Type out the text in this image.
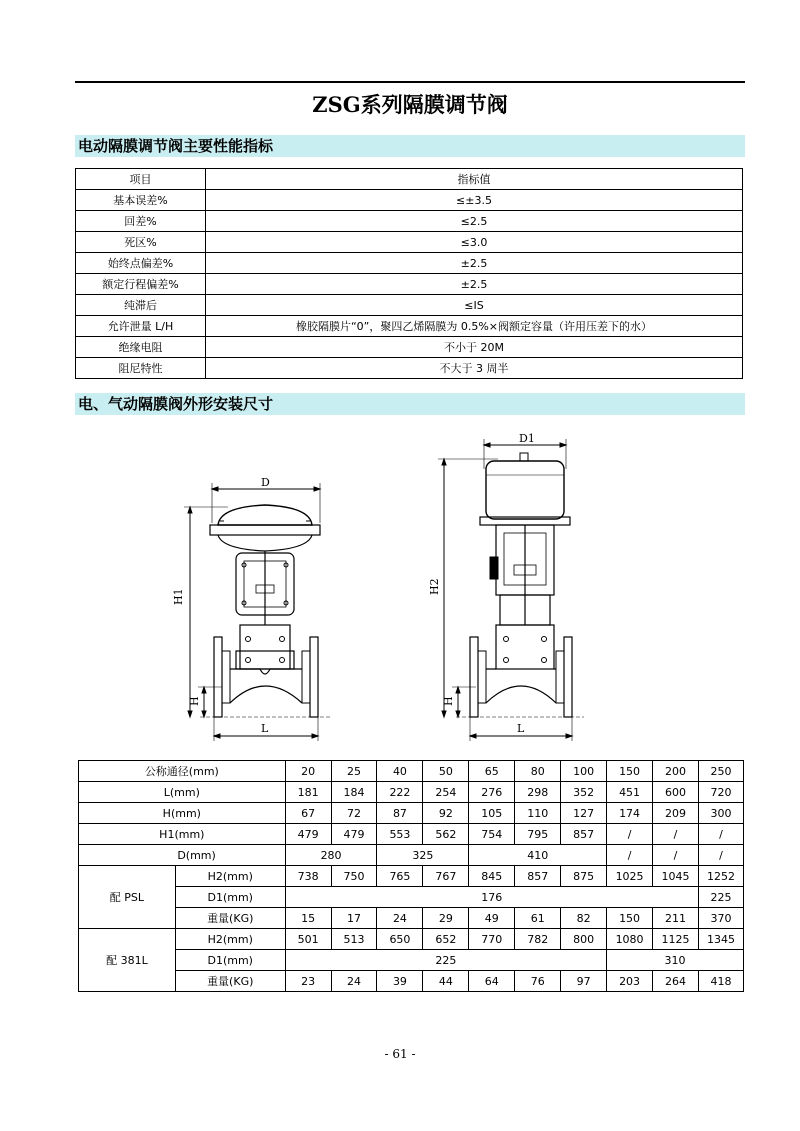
ZSG系列隔膜调节阀
电动隔膜调节阀主要性能指标
项目	指标值
基本误差%	≤±3.5
回差%	≤2.5
死区%	≤3.0
始终点偏差%	±2.5
额定行程偏差%	±2.5
纯滞后	≤IS
允许泄量 L/H	橡胶隔膜片“0”，聚四乙烯隔膜为 0.5%×阀额定容量（许用压差下的水）
绝缘电阻	不小于 20M
阻尼特性	不大于 3 周半
电、气动隔膜阀外形安装尺寸
D
H1
H
L
D1
H2
H
L
公称通径(mm)		20	25	40	50	65	80	100	150	200	250
L(mm)		181	184	222	254	276	298	352	451	600	720
H(mm)		67	72	87	92	105	110	127	174	209	300
H1(mm)		479	479	553	562	754	795	857	/	/	/
	D(mm)	280		325		410			/	/	/
配 PSL	H2(mm)	738	750	765	767	845	857	875	1025	1045	1252
	D1(mm)	176									225
	重量(KG)	15	17	24	29	49	61	82	150	211	370
配 381L	H2(mm)	501	513	650	652	770	782	800	1080	1125	1345
	D1(mm)	225							310		
	重量(KG)	23	24	39	44	64	76	97	203	264	418
- 61 -
